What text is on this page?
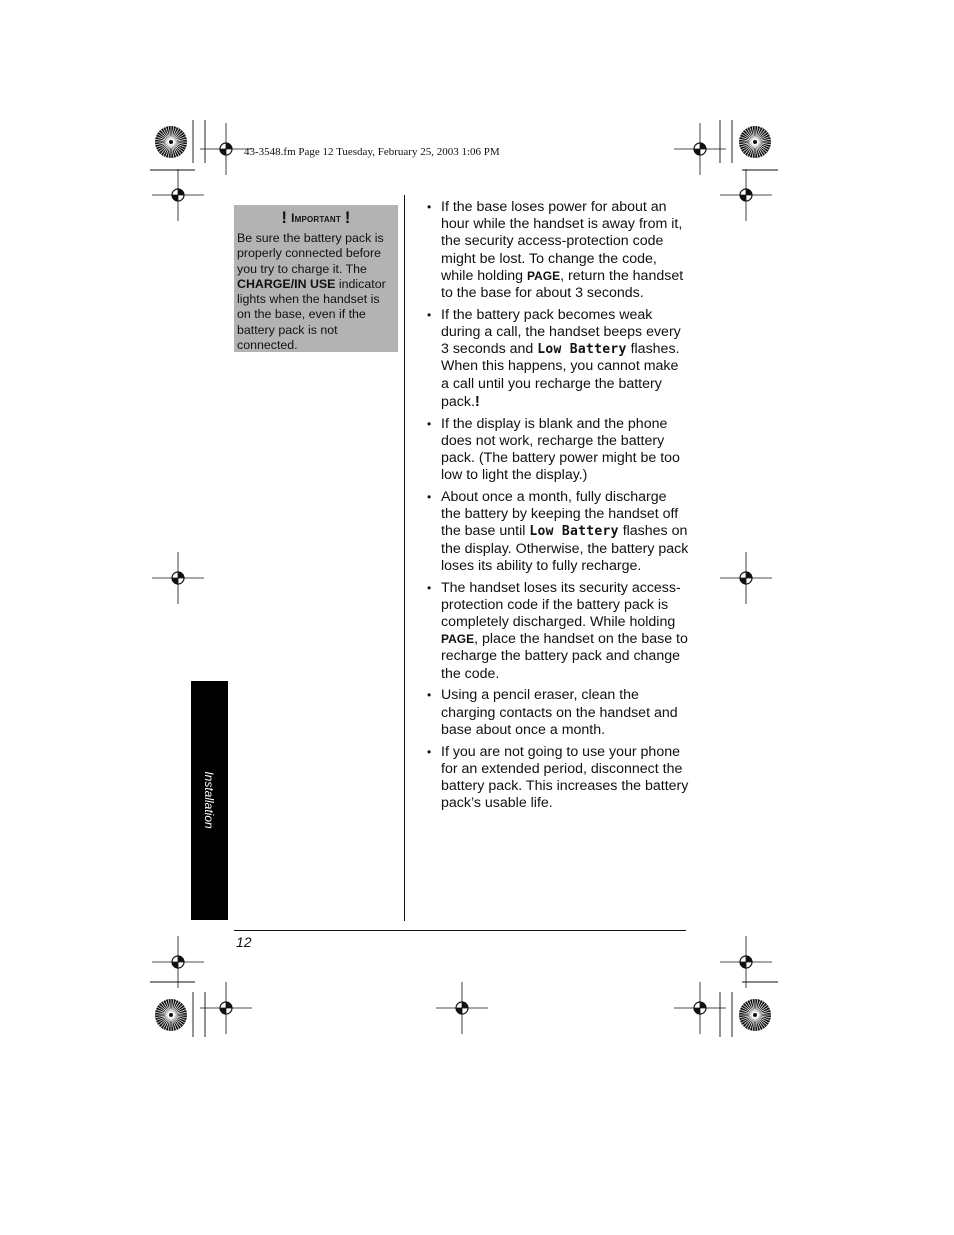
43-3548.fm Page 12 Tuesday, February 25, 2003 1:06 PM
! Important !
Be sure the battery pack is properly connected before you try to charge it. The CHARGE/IN USE indicator lights when the handset is on the base, even if the battery pack is not connected.
• If the base loses power for about an hour while the handset is away from it, the security access-protection code might be lost. To change the code, while holding PAGE, return the handset to the base for about 3 seconds.
• If the battery pack becomes weak during a call, the handset beeps every 3 seconds and Low Battery flashes. When this happens, you cannot make a call until you recharge the battery pack.!
• If the display is blank and the phone does not work, recharge the battery pack. (The battery power might be too low to light the display.)
• About once a month, fully discharge the battery by keeping the handset off the base until Low Battery flashes on the display. Otherwise, the battery pack loses its ability to fully recharge.
• The handset loses its security access-protection code if the battery pack is completely discharged. While holding PAGE, place the handset on the base to recharge the battery pack and change the code.
• Using a pencil eraser, clean the charging contacts on the handset and base about once a month.
• If you are not going to use your phone for an extended period, disconnect the battery pack. This increases the battery pack’s usable life.
Installation
12
